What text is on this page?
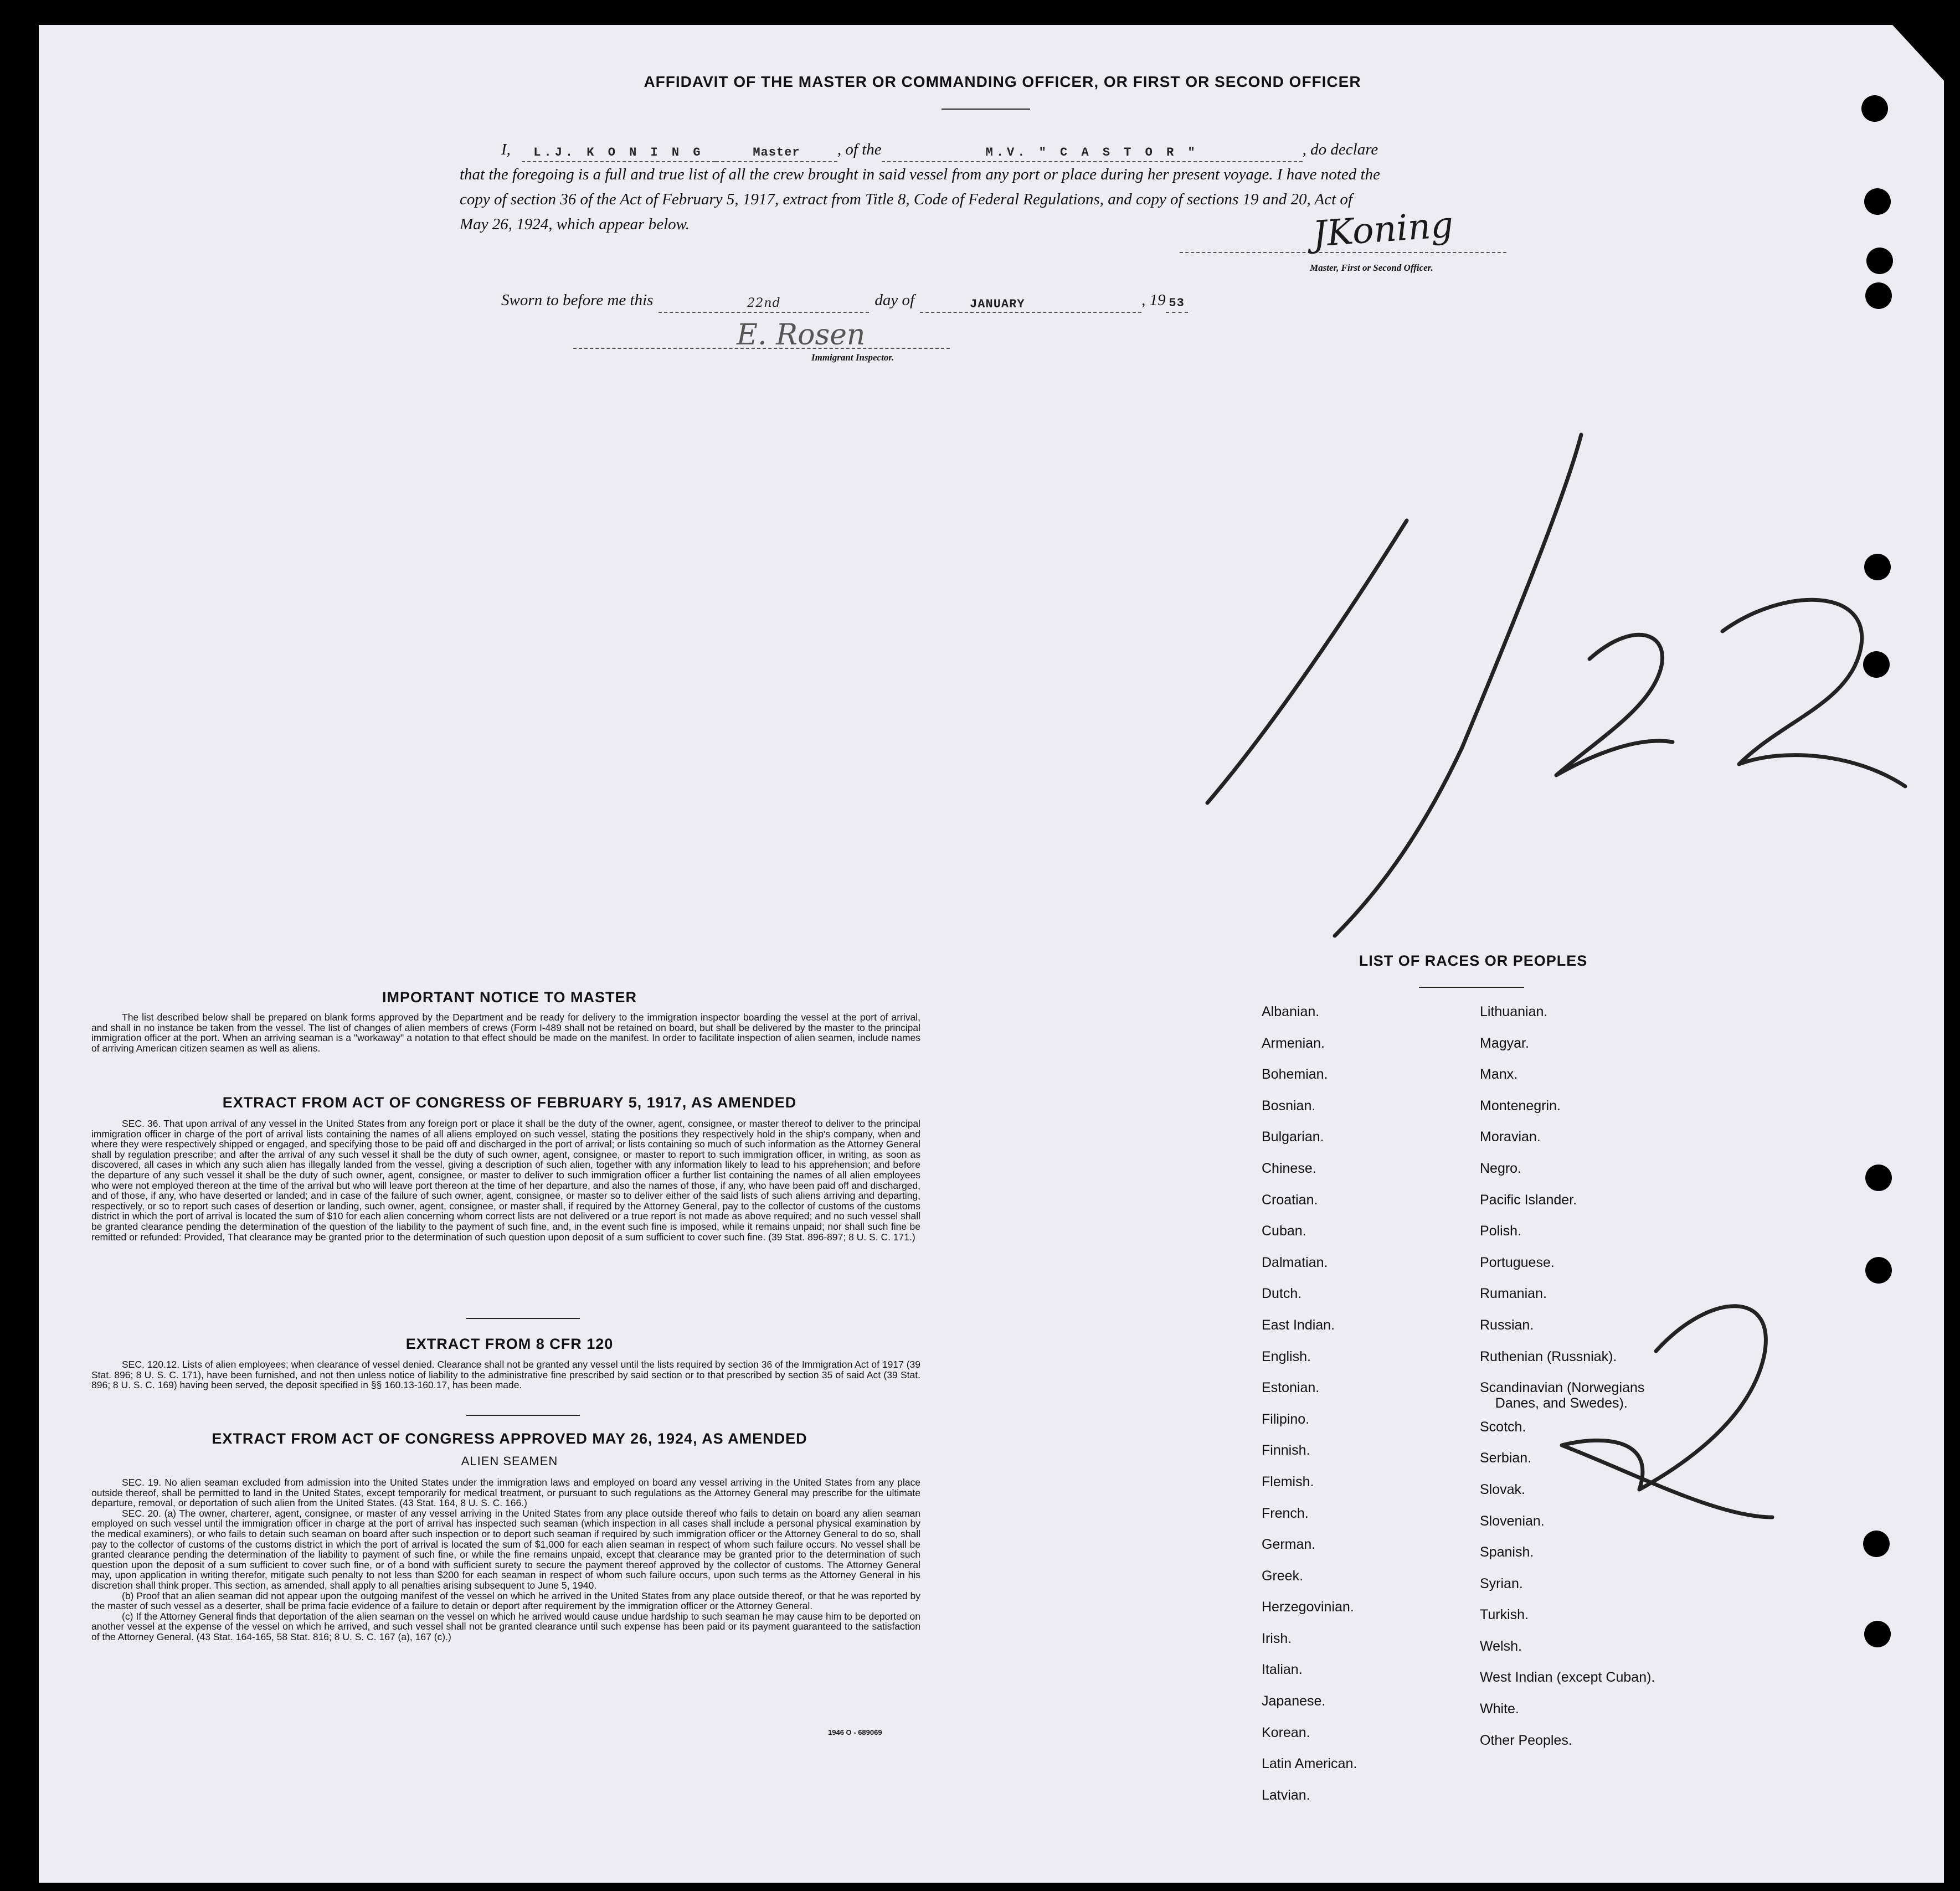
AFFIDAVIT OF THE MASTER OR COMMANDING OFFICER, OR FIRST OR SECOND OFFICER
I,	L.J. K O N I N G	Master	, of the	M.V. " C A S T O R "	, do declare
that the foregoing is a full and true list of all the crew brought in said vessel from any port or place during her present voyage. I have noted the
copy of section 36 of the Act of February 5, 1917, extract from Title 8, Code of Federal Regulations, and copy of sections 19 and 20, Act of
May 26, 1924, which appear below.	JKoning
Master, First or Second Officer.
Sworn to before me this	22nd	day of	JANUARY	, 19 53
E. Rosen
Immigrant Inspector.
IMPORTANT NOTICE TO MASTER
The list described below shall be prepared on blank forms approved by the Department and be ready for delivery to the immigration inspector boarding the vessel at the port of arrival, and shall in no instance be taken from the vessel. The list of changes of alien members of crews (Form I-489 shall not be retained on board, but shall be delivered by the master to the principal immigration officer at the port. When an arriving seaman is a "workaway" a notation to that effect should be made on the manifest. In order to facilitate inspection of alien seamen, include names of arriving American citizen seamen as well as aliens.
EXTRACT FROM ACT OF CONGRESS OF FEBRUARY 5, 1917, AS AMENDED
SEC. 36. That upon arrival of any vessel in the United States from any foreign port or place it shall be the duty of the owner, agent, consignee, or master thereof to deliver to the principal immigration officer in charge of the port of arrival lists containing the names of all aliens employed on such vessel, stating the positions they respectively hold in the ship's company, when and where they were respectively shipped or engaged, and specifying those to be paid off and discharged in the port of arrival; or lists containing so much of such information as the Attorney General shall by regulation prescribe; and after the arrival of any such vessel it shall be the duty of such owner, agent, consignee, or master to report to such immigration officer, in writing, as soon as discovered, all cases in which any such alien has illegally landed from the vessel, giving a description of such alien, together with any information likely to lead to his apprehension; and before the departure of any such vessel it shall be the duty of such owner, agent, consignee, or master to deliver to such immigration officer a further list containing the names of all alien employees who were not employed thereon at the time of the arrival but who will leave port thereon at the time of her departure, and also the names of those, if any, who have been paid off and discharged, and of those, if any, who have deserted or landed; and in case of the failure of such owner, agent, consignee, or master so to deliver either of the said lists of such aliens arriving and departing, respectively, or so to report such cases of desertion or landing, such owner, agent, consignee, or master shall, if required by the Attorney General, pay to the collector of customs of the customs district in which the port of arrival is located the sum of $10 for each alien concerning whom correct lists are not delivered or a true report is not made as above required; and no such vessel shall be granted clearance pending the determination of the question of the liability to the payment of such fine, and, in the event such fine is imposed, while it remains unpaid; nor shall such fine be remitted or refunded: Provided, That clearance may be granted prior to the determination of such question upon deposit of a sum sufficient to cover such fine. (39 Stat. 896-897; 8 U. S. C. 171.)
EXTRACT FROM 8 CFR 120
SEC. 120.12. Lists of alien employees; when clearance of vessel denied. Clearance shall not be granted any vessel until the lists required by section 36 of the Immigration Act of 1917 (39 Stat. 896; 8 U. S. C. 171), have been furnished, and not then unless notice of liability to the administrative fine prescribed by said section or to that prescribed by section 35 of said Act (39 Stat. 896; 8 U. S. C. 169) having been served, the deposit specified in §§ 160.13-160.17, has been made.
EXTRACT FROM ACT OF CONGRESS APPROVED MAY 26, 1924, AS AMENDED
ALIEN SEAMEN
SEC. 19. No alien seaman excluded from admission into the United States under the immigration laws and employed on board any vessel arriving in the United States from any place outside thereof, shall be permitted to land in the United States, except temporarily for medical treatment, or pursuant to such regulations as the Attorney General may prescribe for the ultimate departure, removal, or deportation of such alien from the United States. (43 Stat. 164, 8 U. S. C. 166.)
SEC. 20. (a) The owner, charterer, agent, consignee, or master of any vessel arriving in the United States from any place outside thereof who fails to detain on board any alien seaman employed on such vessel until the immigration officer in charge at the port of arrival has inspected such seaman (which inspection in all cases shall include a personal physical examination by the medical examiners), or who fails to detain such seaman on board after such inspection or to deport such seaman if required by such immigration officer or the Attorney General to do so, shall pay to the collector of customs of the customs district in which the port of arrival is located the sum of $1,000 for each alien seaman in respect of whom such failure occurs. No vessel shall be granted clearance pending the determination of the liability to payment of such fine, or while the fine remains unpaid, except that clearance may be granted prior to the determination of such question upon the deposit of a sum sufficient to cover such fine, or of a bond with sufficient surety to secure the payment thereof approved by the collector of customs. The Attorney General may, upon application in writing therefor, mitigate such penalty to not less than $200 for each seaman in respect of whom such failure occurs, upon such terms as the Attorney General in his discretion shall think proper. This section, as amended, shall apply to all penalties arising subsequent to June 5, 1940.
(b) Proof that an alien seaman did not appear upon the outgoing manifest of the vessel on which he arrived in the United States from any place outside thereof, or that he was reported by the master of such vessel as a deserter, shall be prima facie evidence of a failure to detain or deport after requirement by the immigration officer or the Attorney General.
(c) If the Attorney General finds that deportation of the alien seaman on the vessel on which he arrived would cause undue hardship to such seaman he may cause him to be deported on another vessel at the expense of the vessel on which he arrived, and such vessel shall not be granted clearance until such expense has been paid or its payment guaranteed to the satisfaction of the Attorney General. (43 Stat. 164-165, 58 Stat. 816; 8 U. S. C. 167 (a), 167 (c).)
1946 O - 689069
LIST OF RACES OR PEOPLES
Albanian.
Armenian.
Bohemian.
Bosnian.
Bulgarian.
Chinese.
Croatian.
Cuban.
Dalmatian.
Dutch.
East Indian.
English.
Estonian.
Filipino.
Finnish.
Flemish.
French.
German.
Greek.
Herzegovinian.
Irish.
Italian.
Japanese.
Korean.
Latin American.
Latvian.
Lithuanian.
Magyar.
Manx.
Montenegrin.
Moravian.
Negro.
Pacific Islander.
Polish.
Portuguese.
Rumanian.
Russian.
Ruthenian (Russniak).
Scandinavian (Norwegians
Danes, and Swedes).
Scotch.
Serbian.
Slovak.
Slovenian.
Spanish.
Syrian.
Turkish.
Welsh.
West Indian (except Cuban).
White.
Other Peoples.
